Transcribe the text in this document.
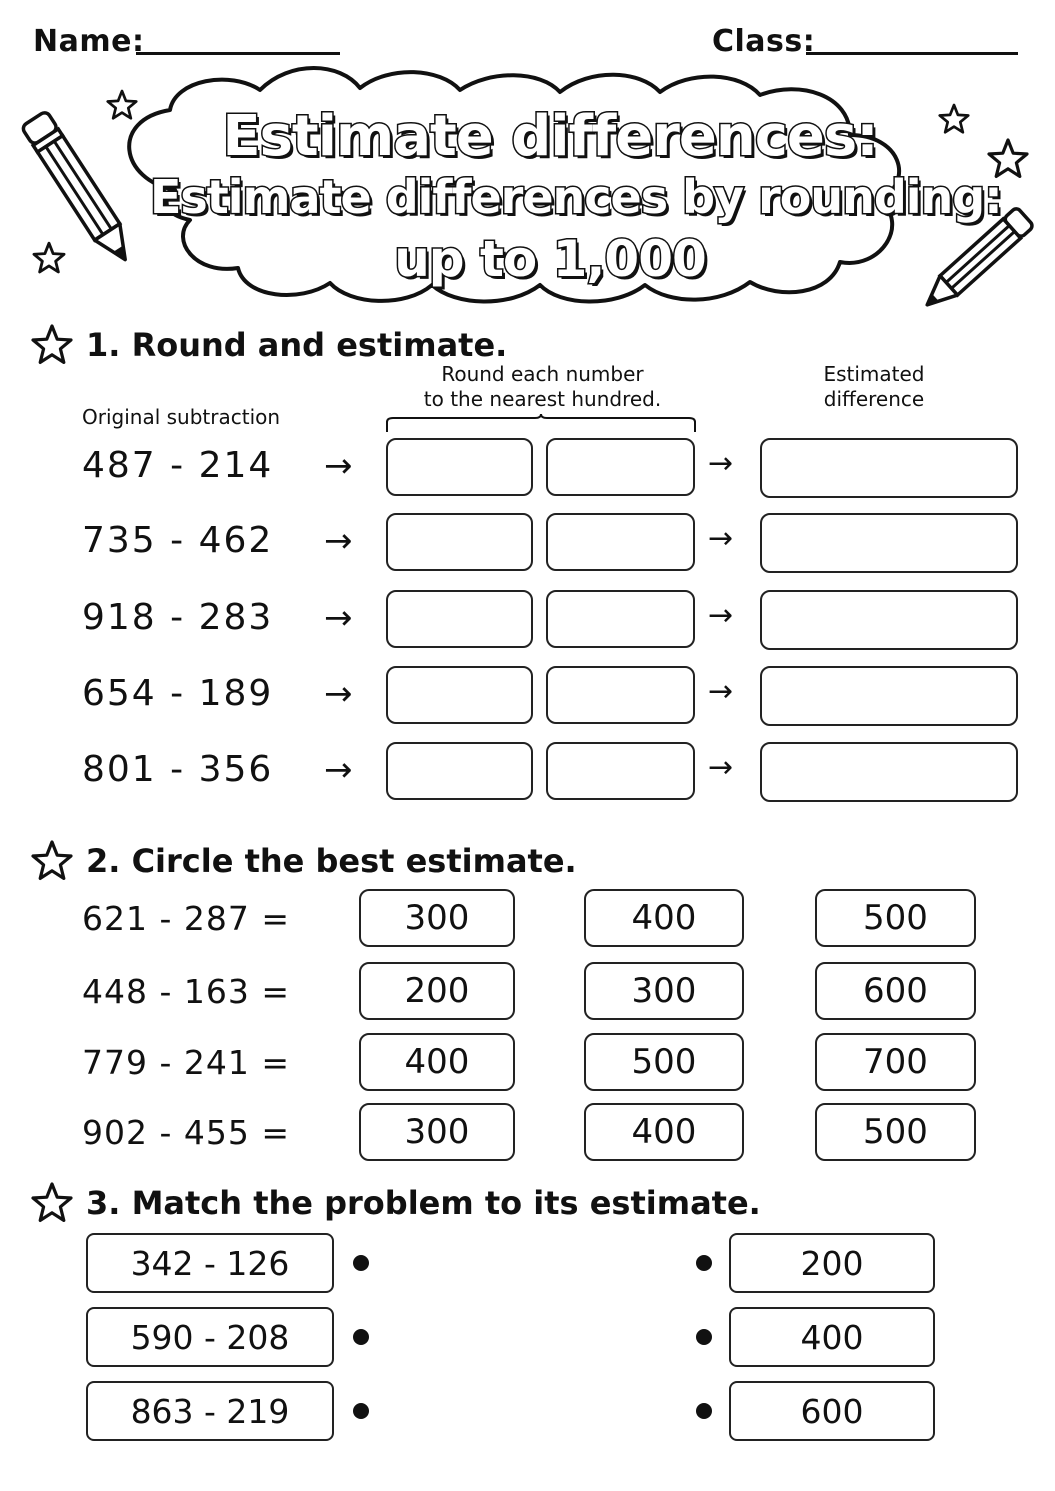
Name:	Class:
Estimate differences:
Estimate differences by rounding:
up to 1,000
1. Round and estimate.
Original subtraction
Round each number
to the nearest hundred.
Estimated
difference
487 - 214 →	→
735 - 462 →	→
918 - 283 →	→
654 - 189 →	→
801 - 356 →	→
2. Circle the best estimate.
621 - 287 =	300	400	500
448 - 163 =	200	300	600
779 - 241 =	400	500	700
902 - 455 =	300	400	500
3. Match the problem to its estimate.
342 - 126	200
590 - 208	400
863 - 219	600
